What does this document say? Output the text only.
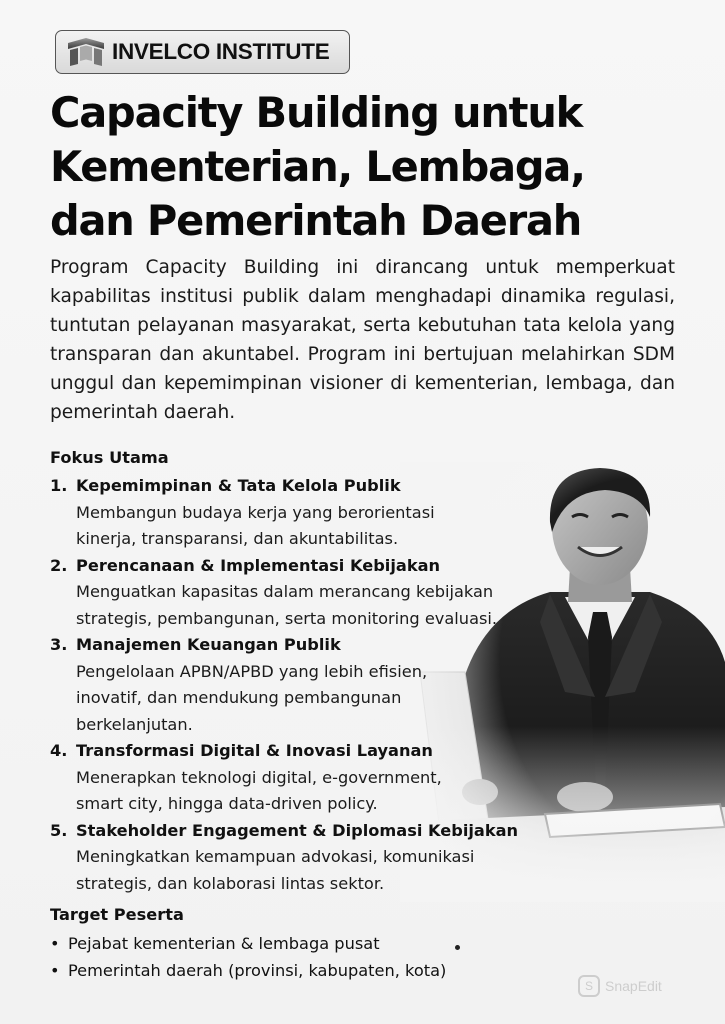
INVELCO INSTITUTE
Capacity Building untuk
Kementerian, Lembaga,
dan Pemerintah Daerah

Program Capacity Building ini dirancang untuk memperkuat kapabilitas institusi publik dalam menghadapi dinamika regulasi, tuntutan pelayanan masyarakat, serta kebutuhan tata kelola yang transparan dan akuntabel. Program ini bertujuan melahirkan SDM unggul dan kepemimpinan visioner di kementerian, lembaga, dan pemerintah daerah.

Fokus Utama
1. Kepemimpinan & Tata Kelola Publik
Membangun budaya kerja yang berorientasi
kinerja, transparansi, dan akuntabilitas.
2. Perencanaan & Implementasi Kebijakan
Menguatkan kapasitas dalam merancang kebijakan
strategis, pembangunan, serta monitoring evaluasi.
3. Manajemen Keuangan Publik
Pengelolaan APBN/APBD yang lebih efisien,
inovatif, dan mendukung pembangunan
berkelanjutan.
4. Transformasi Digital & Inovasi Layanan
Menerapkan teknologi digital, e-government,
smart city, hingga data-driven policy.
5. Stakeholder Engagement & Diplomasi Kebijakan
Meningkatkan kemampuan advokasi, komunikasi
strategis, dan kolaborasi lintas sektor.
Target Peserta
• Pejabat kementerian & lembaga pusat
• Pemerintah daerah (provinsi, kabupaten, kota)
S SnapEdit
